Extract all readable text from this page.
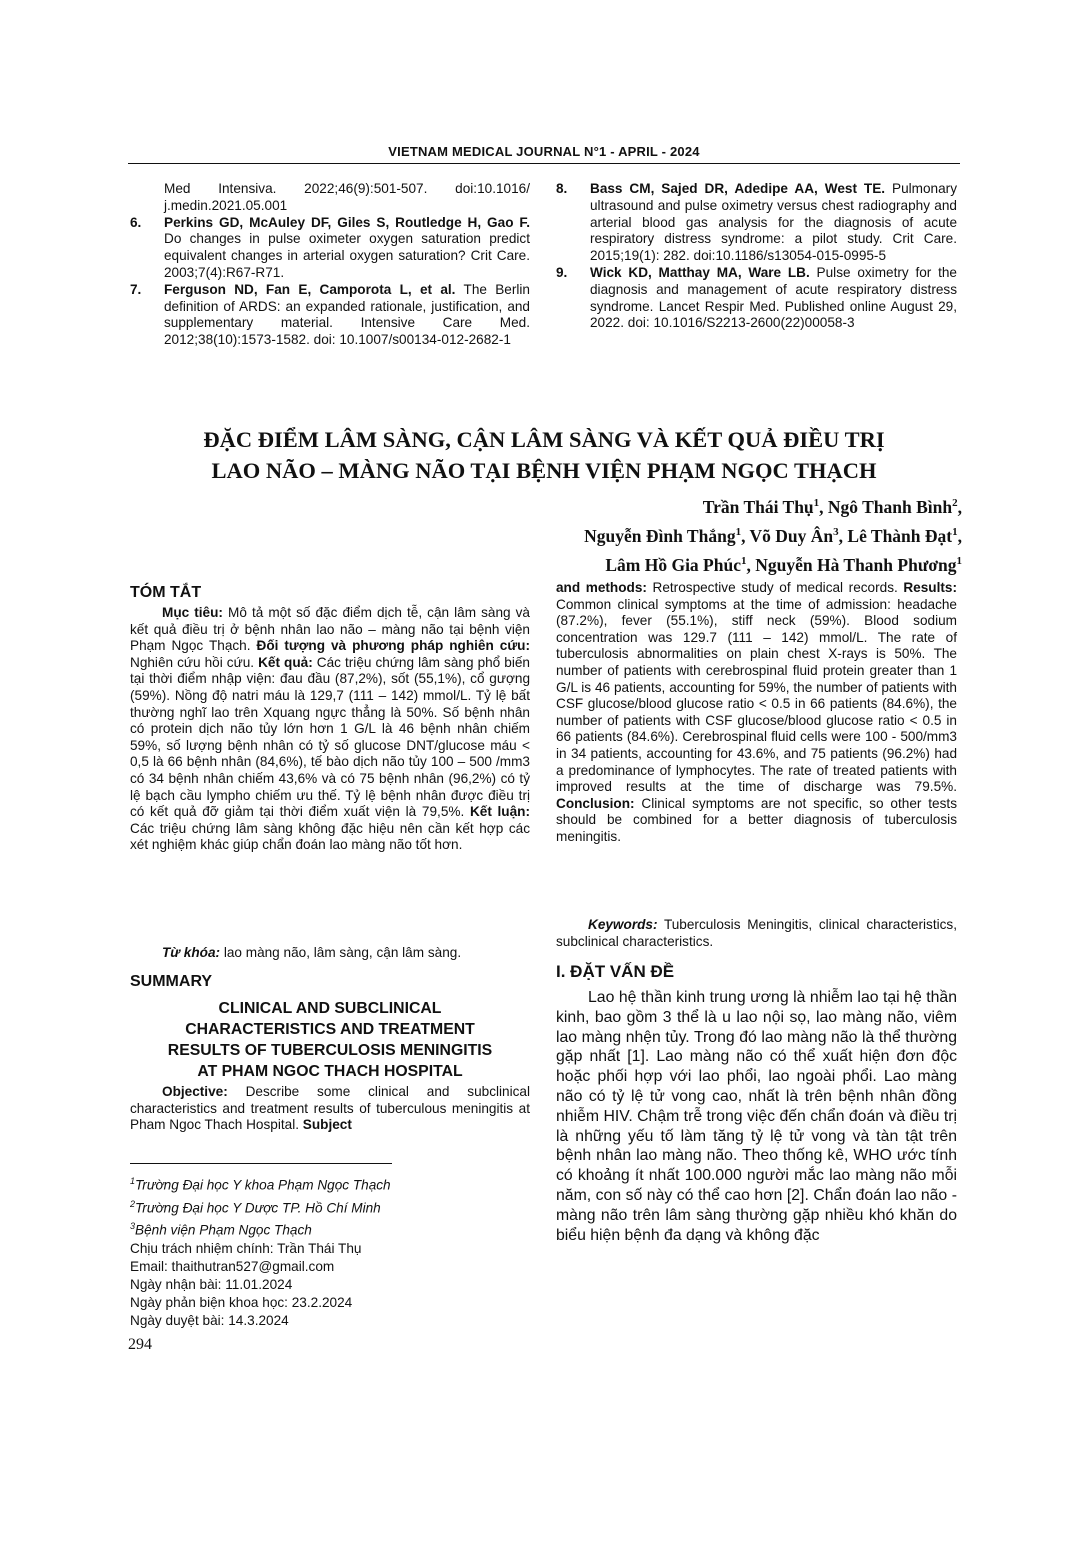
VIETNAM MEDICAL JOURNAL N°1 - APRIL - 2024

Med Intensiva. 2022;46(9):501-507. doi:10.1016/ j.medin.2021.05.001

6. Perkins GD, McAuley DF, Giles S, Routledge H, Gao F. Do changes in pulse oximeter oxygen saturation predict equivalent changes in arterial oxygen saturation? Crit Care. 2003;7(4):R67-R71.

7. Ferguson ND, Fan E, Camporota L, et al. The Berlin definition of ARDS: an expanded rationale, justification, and supplementary material. Intensive Care Med. 2012;38(10):1573-1582. doi: 10.1007/s00134-012-2682-1

8. Bass CM, Sajed DR, Adedipe AA, West TE. Pulmonary ultrasound and pulse oximetry versus chest radiography and arterial blood gas analysis for the diagnosis of acute respiratory distress syndrome: a pilot study. Crit Care. 2015;19(1): 282. doi:10.1186/s13054-015-0995-5

9. Wick KD, Matthay MA, Ware LB. Pulse oximetry for the diagnosis and management of acute respiratory distress syndrome. Lancet Respir Med. Published online August 29, 2022. doi: 10.1016/S2213-2600(22)00058-3

ĐẶC ĐIỂM LÂM SÀNG, CẬN LÂM SÀNG VÀ KẾT QUẢ ĐIỀU TRỊ
LAO NÃO – MÀNG NÃO TẠI BỆNH VIỆN PHẠM NGỌC THẠCH
Trần Thái Thụ$^1$, Ngô Thanh Bình$^2$,
Nguyễn Đình Thắng$^1$, Võ Duy $Ân^3$, Lê Thành Đạt$^1$,
Lâm Hồ Gia Phúc$^1$, Nguyễn Hà Thanh Phương$^1$
TÓM TẮT
Mục tiêu: Mô tả một số đặc điểm dịch tễ, cận lâm sàng và kết quả điều trị ở bệnh nhân lao não – màng não tại bệnh viện Phạm Ngọc Thạch. Đối tượng và phương pháp nghiên cứu: Nghiên cứu hồi cứu. Kết quả: Các triệu chứng lâm sàng phổ biến tại thời điểm nhập viện: đau đầu (87,2%), sốt (55,1%), cổ gượng (59%). Nồng độ natri máu là 129,7 (111 – 142) mmol/L. Tỷ lệ bất thường nghĩ lao trên Xquang ngực thẳng là 50%. Số bệnh nhân có protein dịch não tủy lớn hơn 1 G/L là 46 bệnh nhân chiếm 59%, số lượng bệnh nhân có tỷ số glucose DNT/glucose máu < 0,5 là 66 bệnh nhân (84,6%), tế bào dịch não tủy 100 – 500 /mm3 có 34 bệnh nhân chiếm 43,6% và có 75 bệnh nhân (96,2%) có tỷ lệ bạch cầu lympho chiếm ưu thế. Tỷ lệ bệnh nhân được điều trị có kết quả đỡ giảm tại thời điểm xuất viện là 79,5%. Kết luận: Các triệu chứng lâm sàng không đặc hiệu nên cần kết hợp các xét nghiệm khác giúp chẩn đoán lao màng não tốt hơn.
Từ khóa: lao màng não, lâm sàng, cận lâm sàng.
SUMMARY
CLINICAL AND SUBCLINICAL
CHARACTERISTICS AND TREATMENT
RESULTS OF TUBERCULOSIS MENINGITIS
AT PHAM NGOC THACH HOSPITAL
Objective: Describe some clinical and subclinical characteristics and treatment results of tuberculous meningitis at Pham Ngoc Thach Hospital. Subject
$^1$Trường Đại học Y khoa Phạm Ngọc Thạch
$^2$Trường Đại học Y Dược TP. Hồ Chí Minh
$^3$Bệnh viện Phạm Ngọc Thạch
Chịu trách nhiệm chính: Trần Thái Thụ
Email: thaithutran527@gmail.com
Ngày nhận bài: 11.01.2024
Ngày phản biện khoa học: 23.2.2024
Ngày duyệt bài: 14.3.2024
294
and methods: Retrospective study of medical records. Results: Common clinical symptoms at the time of admission: headache (87.2%), fever (55.1%), stiff neck (59%). Blood sodium concentration was 129.7 (111 – 142) mmol/L. The rate of tuberculosis abnormalities on plain chest X-rays is 50%. The number of patients with cerebrospinal fluid protein greater than 1 G/L is 46 patients, accounting for 59%, the number of patients with CSF glucose/blood glucose ratio < 0.5 in 66 patients (84.6%), the number of patients with CSF glucose/blood glucose ratio < 0.5 in 66 patients (84.6%). Cerebrospinal fluid cells were 100 - 500/mm3 in 34 patients, accounting for 43.6%, and 75 patients (96.2%) had a predominance of lymphocytes. The rate of treated patients with improved results at the time of discharge was 79.5%. Conclusion: Clinical symptoms are not specific, so other tests should be combined for a better diagnosis of tuberculosis meningitis.
Keywords: Tuberculosis Meningitis, clinical characteristics, subclinical characteristics.
I. ĐẶT VẤN ĐỀ
Lao hệ thần kinh trung ương là nhiễm lao tại hệ thần kinh, bao gồm 3 thể là u lao nội sọ, lao màng não, viêm lao màng nhện tủy. Trong đó lao màng não là thể thường gặp nhất [1]. Lao màng não có thể xuất hiện đơn độc hoặc phối hợp với lao phổi, lao ngoài phổi. Lao màng não có tỷ lệ tử vong cao, nhất là trên bệnh nhân đồng nhiễm HIV. Chậm trễ trong việc đến chẩn đoán và điều trị là những yếu tố làm tăng tỷ lệ tử vong và tàn tật trên bệnh nhân lao màng não. Theo thống kê, WHO ước tính có khoảng ít nhất 100.000 người mắc lao màng não mỗi năm, con số này có thể cao hơn [2]. Chẩn đoán lao não - màng não trên lâm sàng thường gặp nhiều khó khăn do biểu hiện bệnh đa dạng và không đặc
